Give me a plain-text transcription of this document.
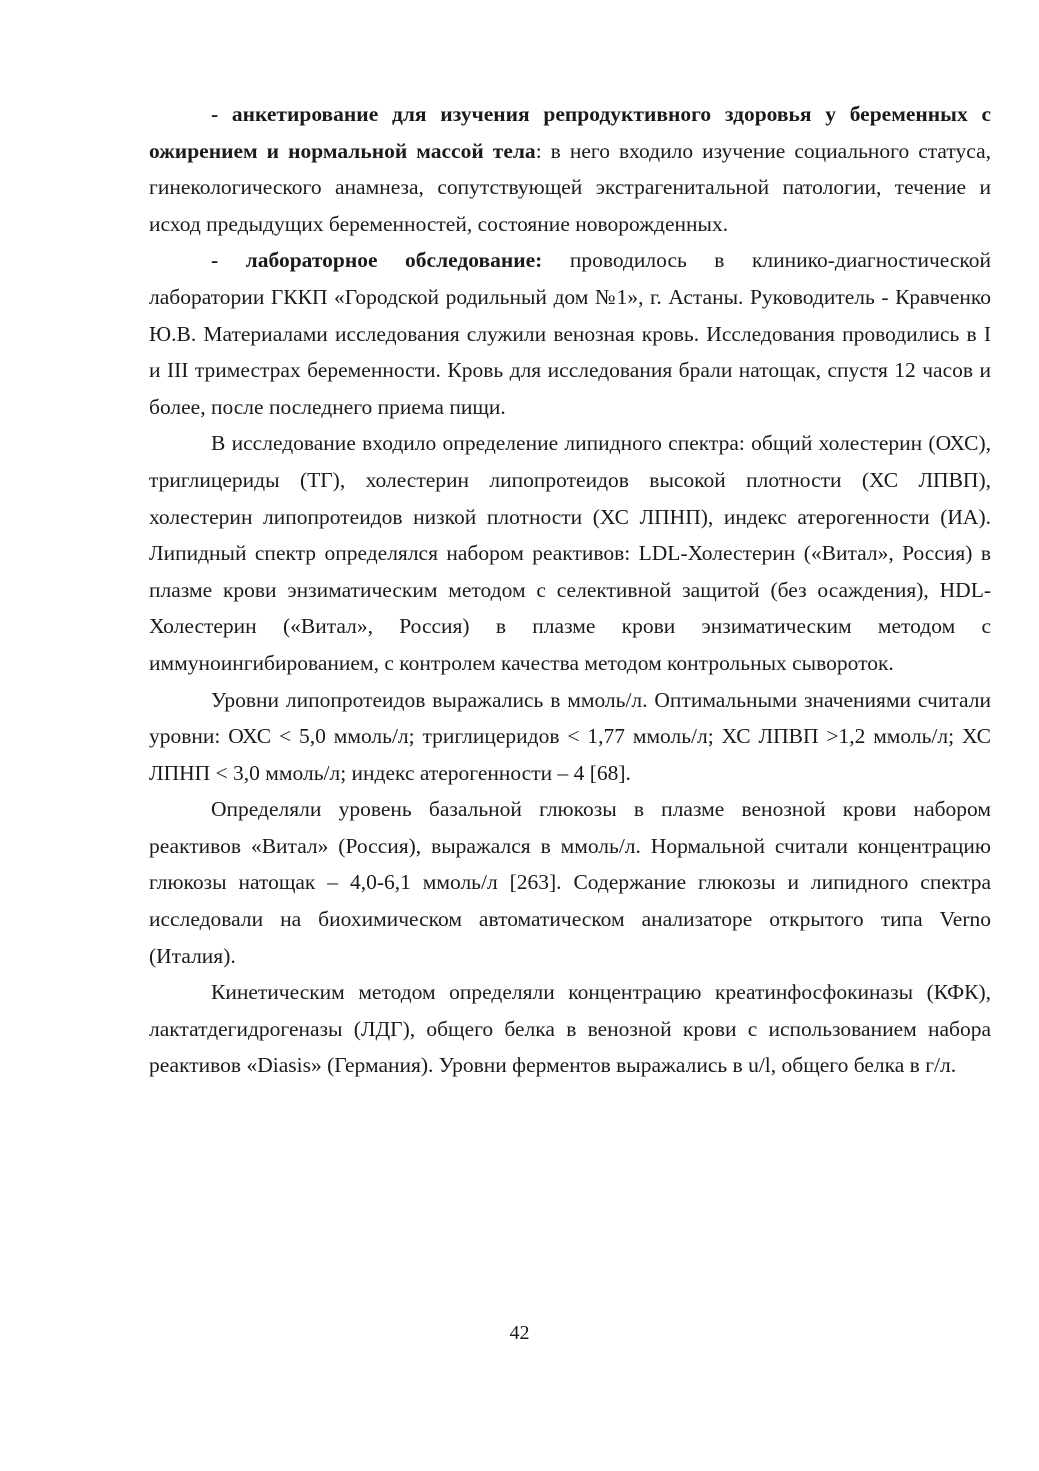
- анкетирование для изучения репродуктивного здоровья у беременных с ожирением и нормальной массой тела: в него входило изучение социального статуса, гинекологического анамнеза, сопутствующей экстрагенитальной патологии, течение и исход предыдущих беременностей, состояние новорожденных.

- лабораторное обследование: проводилось в клинико-диагностической лаборатории ГККП «Городской родильный дом №1», г. Астаны. Руководитель - Кравченко Ю.В. Материалами исследования служили венозная кровь. Исследования проводились в I и III триместрах беременности. Кровь для исследования брали натощак, спустя 12 часов и более, после последнего приема пищи.

В исследование входило определение липидного спектра: общий холестерин (ОХС), триглицериды (ТГ), холестерин липопротеидов высокой плотности (ХС ЛПВП), холестерин липопротеидов низкой плотности (ХС ЛПНП), индекс атерогенности (ИА). Липидный спектр определялся набором реактивов: LDL-Холестерин («Витал», Россия) в плазме крови энзиматическим методом с селективной защитой (без осаждения), HDL-Холестерин («Витал», Россия) в плазме крови энзиматическим методом с иммуноингибированием, с контролем качества методом контрольных сывороток.

Уровни липопротеидов выражались в ммоль/л. Оптимальными значениями считали уровни: ОХС < 5,0 ммоль/л; триглицеридов < 1,77 ммоль/л; ХС ЛПВП >1,2 ммоль/л; ХС ЛПНП < 3,0 ммоль/л; индекс атерогенности – 4 [68].

Определяли уровень базальной глюкозы в плазме венозной крови набором реактивов «Витал» (Россия), выражался в ммоль/л. Нормальной считали концентрацию глюкозы натощак – 4,0-6,1 ммоль/л [263]. Содержание глюкозы и липидного спектра исследовали на биохимическом автоматическом анализаторе открытого типа Verno (Италия).

Кинетическим методом определяли концентрацию креатинфосфокиназы (КФК), лактатдегидрогеназы (ЛДГ), общего белка в венозной крови с использованием набора реактивов «Diasis» (Германия). Уровни ферментов выражались в u/l, общего белка в г/л.

42
